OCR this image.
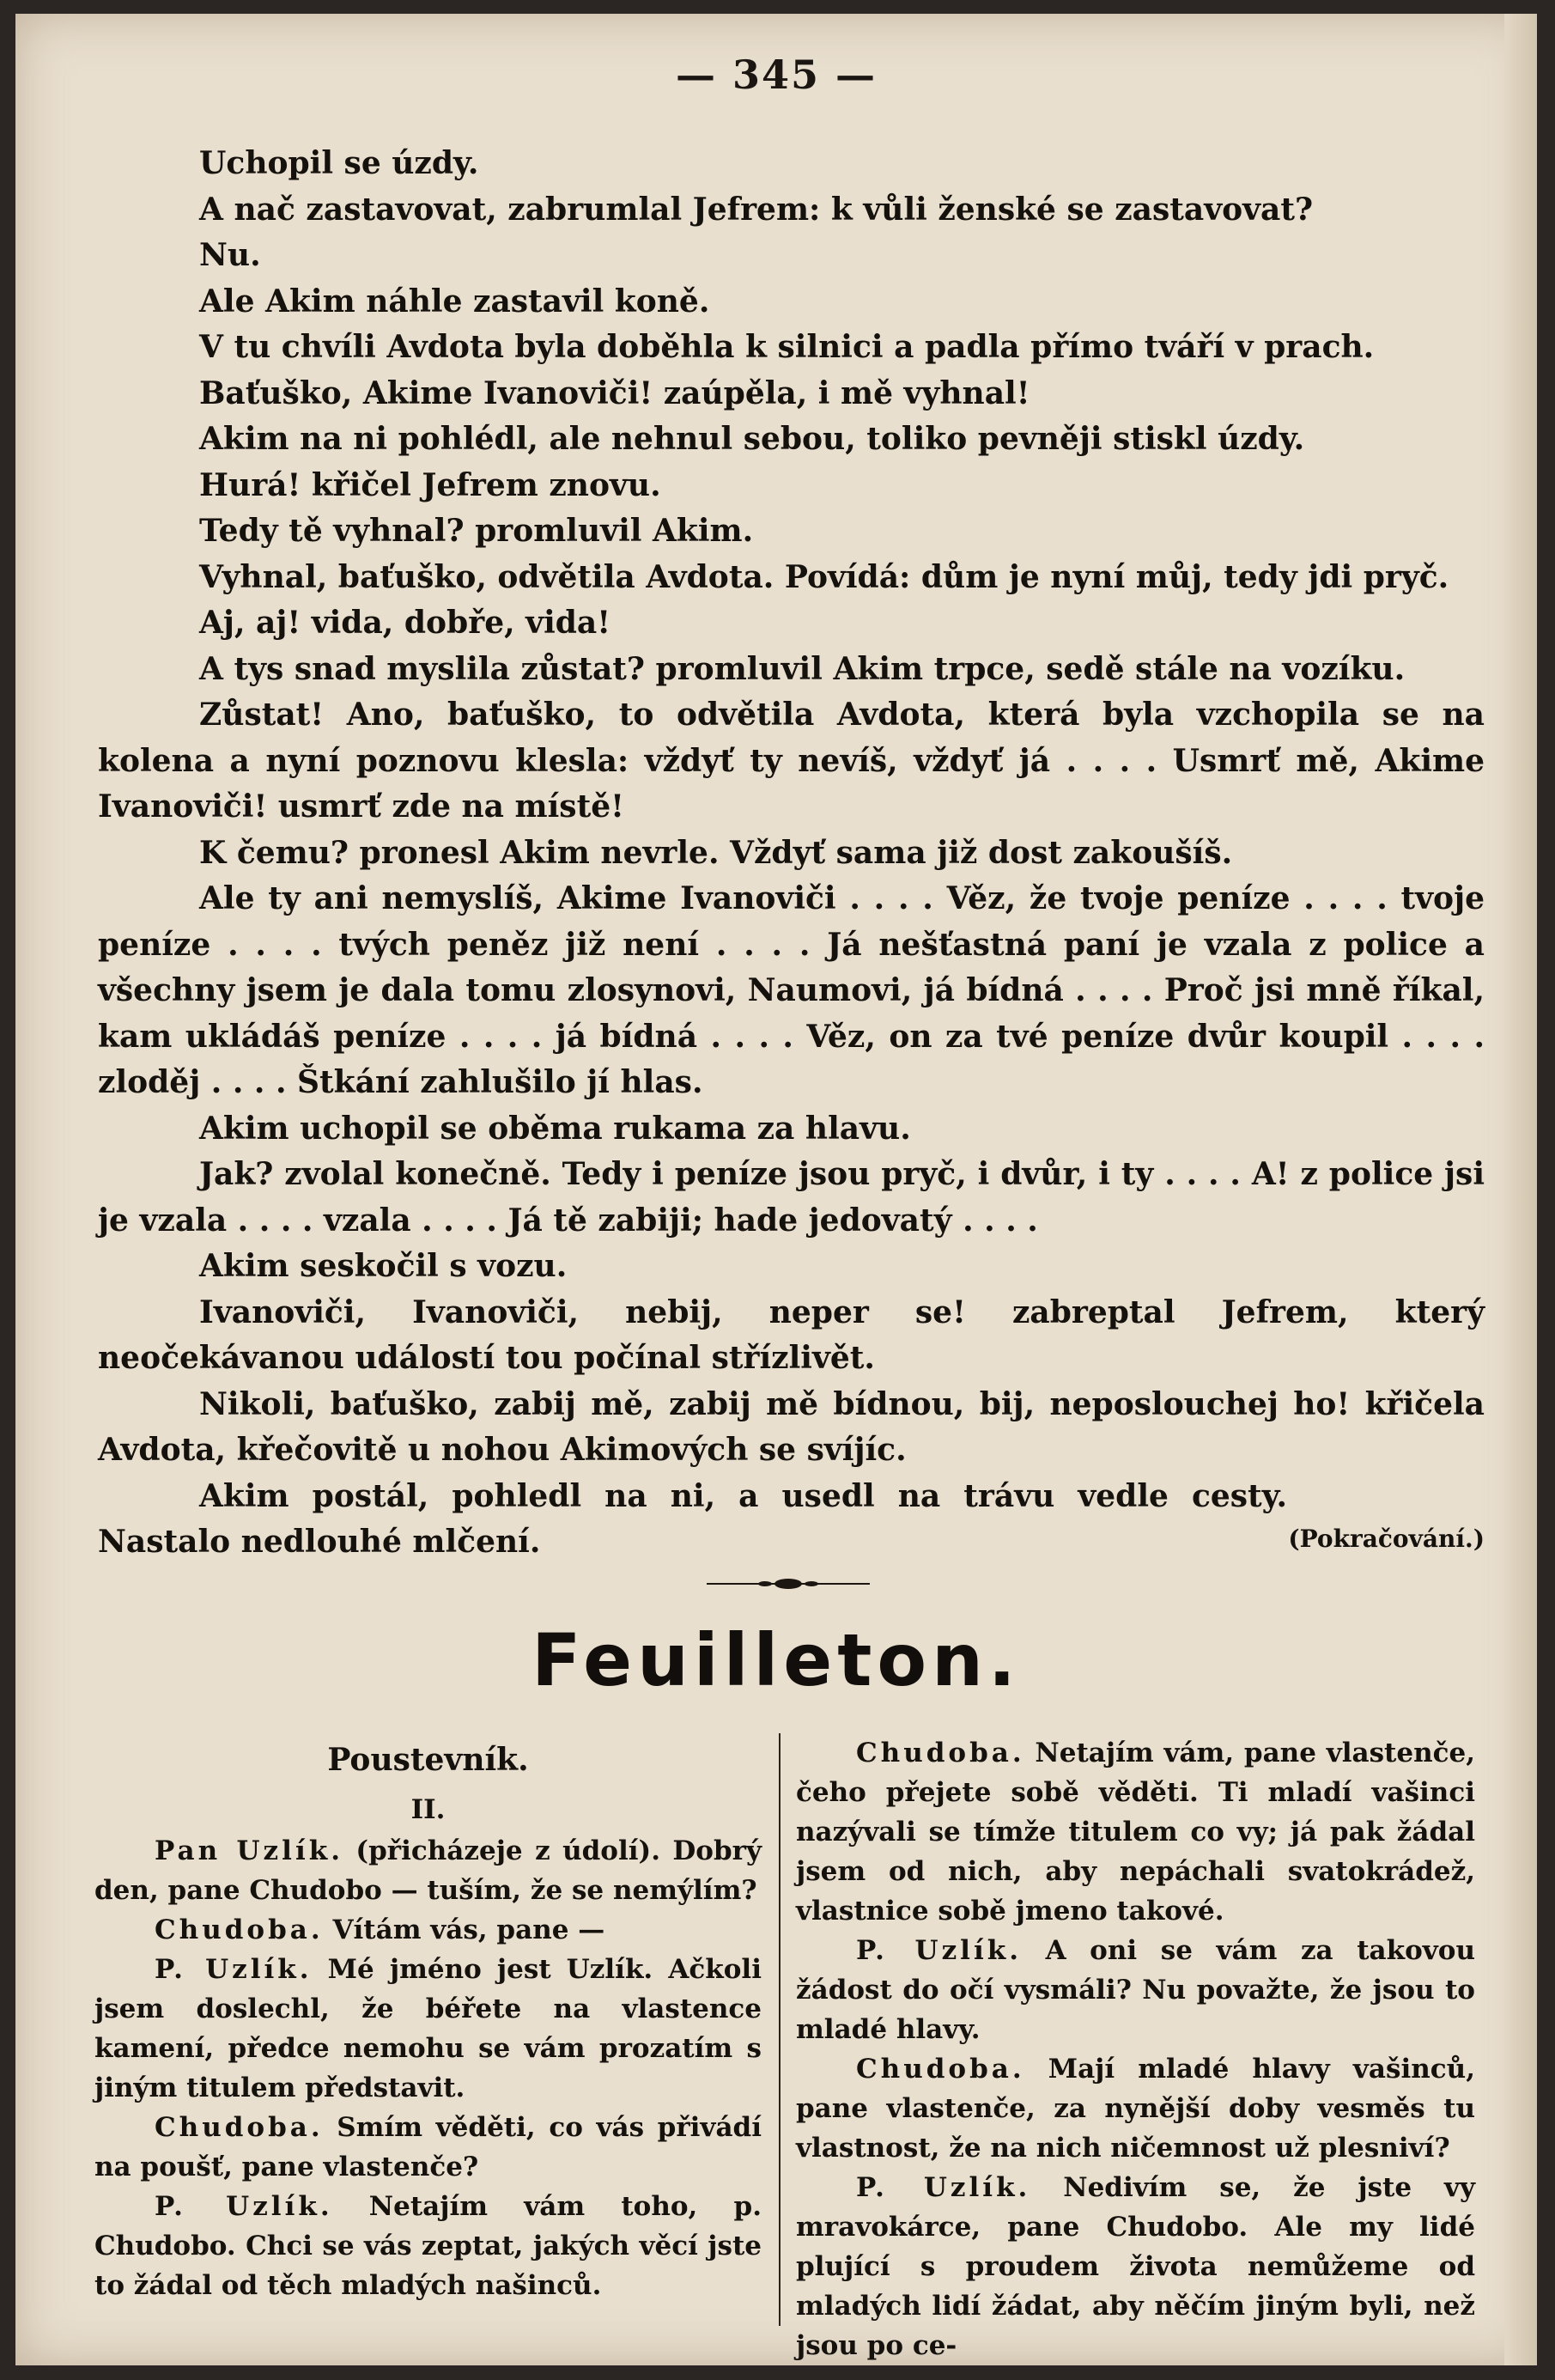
— 345 —

Uchopil se úzdy.

A nač zastavovat, zabrumlal Jefrem: k vůli ženské se zastavovat?

Nu.

Ale Akim náhle zastavil koně.

V tu chvíli Avdota byla doběhla k silnici a padla přímo tváří v prach.

Baťuško, Akime Ivanoviči! zaúpěla, i mě vyhnal!

Akim na ni pohlédl, ale nehnul sebou, toliko pevněji stiskl úzdy.

Hurá! křičel Jefrem znovu.

Tedy tě vyhnal? promluvil Akim.

Vyhnal, baťuško, odvětila Avdota. Povídá: dům je nyní můj, tedy jdi pryč.

Aj, aj! vida, dobře, vida!

A tys snad myslila zůstat? promluvil Akim trpce, sedě stále na vozíku.

Zůstat! Ano, baťuško, to odvětila Avdota, která byla vzchopila se na kolena a nyní poznovu klesla: vždyť ty nevíš, vždyť já . . . . Usmrť mě, Akime Ivanoviči! usmrť zde na místě!

K čemu? pronesl Akim nevrle. Vždyť sama již dost zakoušíš.

Ale ty ani nemyslíš, Akime Ivanoviči . . . . Věz, že tvoje peníze . . . . tvoje peníze . . . . tvých peněz již není . . . . Já nešťastná paní je vzala z police a všechny jsem je dala tomu zlosynovi, Naumovi, já bídná . . . . Proč jsi mně říkal, kam ukládáš peníze . . . . já bídná . . . . Věz, on za tvé peníze dvůr koupil . . . . zloděj . . . . Štkání zahlušilo jí hlas.

Akim uchopil se oběma rukama za hlavu.

Jak? zvolal konečně. Tedy i peníze jsou pryč, i dvůr, i ty . . . . A! z police jsi je vzala . . . . vzala . . . . Já tě zabiji; hade jedovatý . . . .

Akim seskočil s vozu.

Ivanoviči, Ivanoviči, nebij, neper se! zabreptal Jefrem, který neočekávanou událostí tou počínal střízlivět.

Nikoli, baťuško, zabij mě, zabij mě bídnou, bij, neposlouchej ho! křičela Avdota, křečovitě u nohou Akimových se svíjíc.

Akim postál, pohledl na ni, a usedl na trávu vedle cesty. Nastalo nedlouhé mlčení.	(Pokračování.)
Feuilleton.
Poustevník.
II.

Pan Uzlík. (přicházeje z údolí). Dobrý den, pane Chudobo — tuším, že se nemýlím?

Chudoba. Vítám vás, pane —

P. Uzlík. Mé jméno jest Uzlík. Ačkoli jsem doslechl, že béřete na vlastence kamení, předce nemohu se vám prozatím s jiným titulem představit.

Chudoba. Smím věděti, co vás přivádí na poušť, pane vlastenče?

P. Uzlík. Netajím vám toho, p. Chudobo. Chci se vás zeptat, jakých věcí jste to žádal od těch mladých našinců.

Chudoba. Netajím vám, pane vlastenče, čeho přejete sobě věděti. Ti mladí vašinci nazývali se tímže titulem co vy; já pak žádal jsem od nich, aby nepáchali svatokrádež, vlastnice sobě jmeno takové.

P. Uzlík. A oni se vám za takovou žádost do očí vysmáli? Nu považte, že jsou to mladé hlavy.

Chudoba. Mají mladé hlavy vašinců, pane vlastenče, za nynější doby vesměs tu vlastnost, že na nich ničemnost už plesniví?

P. Uzlík. Nedivím se, že jste vy mravokárce, pane Chudobo. Ale my lidé plující s proudem života nemůžeme od mladých lidí žádat, aby něčím jiným byli, než jsou po ce-
